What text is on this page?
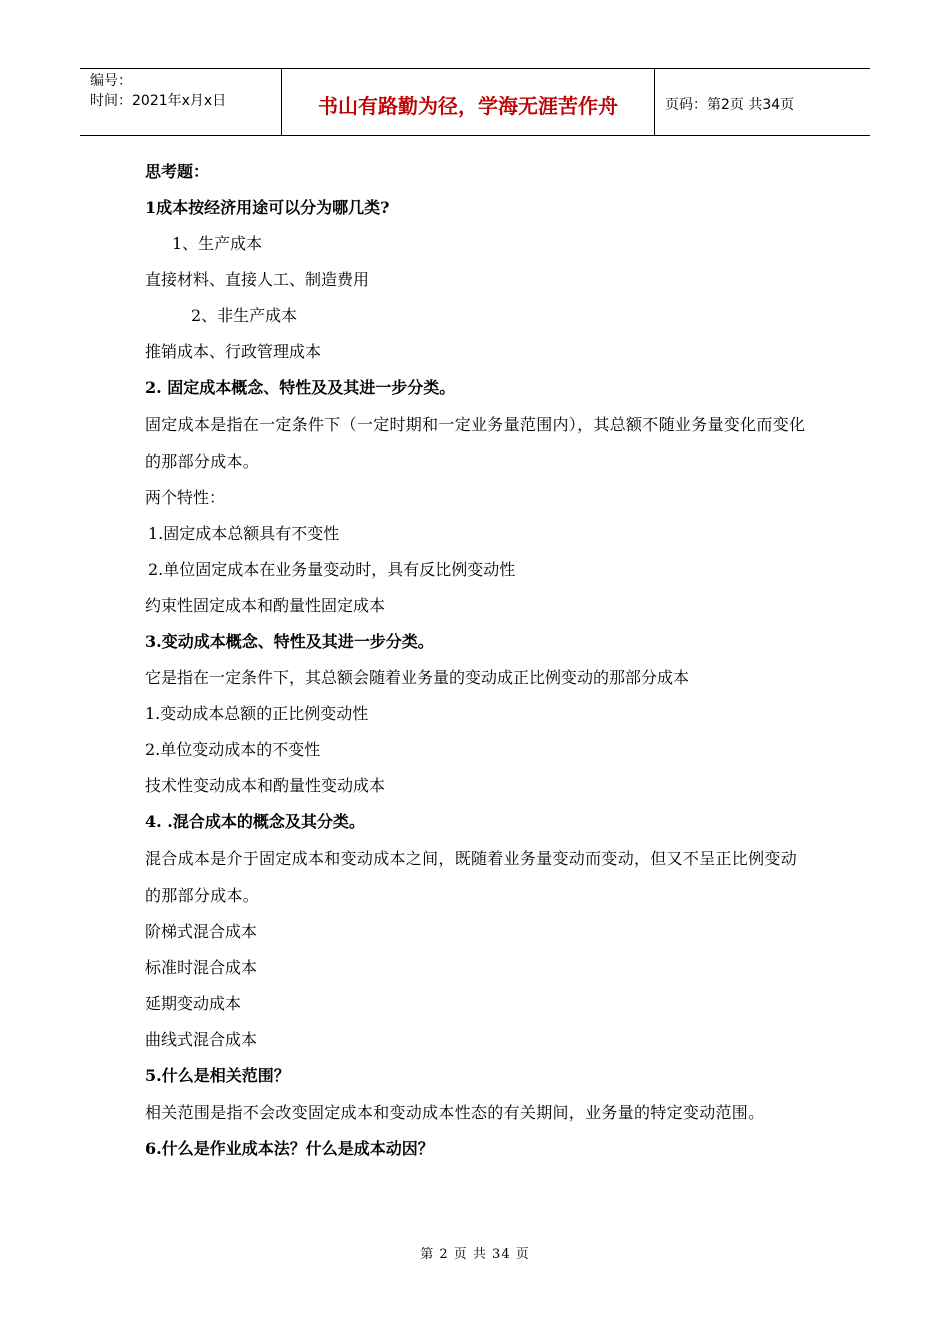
编号：
时间：2021年x月x日	书山有路勤为径，学海无涯苦作舟	页码：第2页 共34页
思考题：
1成本按经济用途可以分为哪几类?
1、生产成本
直接材料、直接人工、制造费用
2、非生产成本
推销成本、行政管理成本
2. 固定成本概念、特性及及其进一步分类。
固定成本是指在一定条件下（一定时期和一定业务量范围内），其总额不随业务量变化而变化的那部分成本。
两个特性：
1.固定成本总额具有不变性
2.单位固定成本在业务量变动时，具有反比例变动性
约束性固定成本和酌量性固定成本
3.变动成本概念、特性及其进一步分类。
它是指在一定条件下，其总额会随着业务量的变动成正比例变动的那部分成本
1.变动成本总额的正比例变动性
2.单位变动成本的不变性
技术性变动成本和酌量性变动成本
4. .混合成本的概念及其分类。
混合成本是介于固定成本和变动成本之间，既随着业务量变动而变动，但又不呈正比例变动的那部分成本。
阶梯式混合成本
标准时混合成本
延期变动成本
曲线式混合成本
5.什么是相关范围？
相关范围是指不会改变固定成本和变动成本性态的有关期间，业务量的特定变动范围。
6.什么是作业成本法？什么是成本动因？
第 2 页 共 34 页
